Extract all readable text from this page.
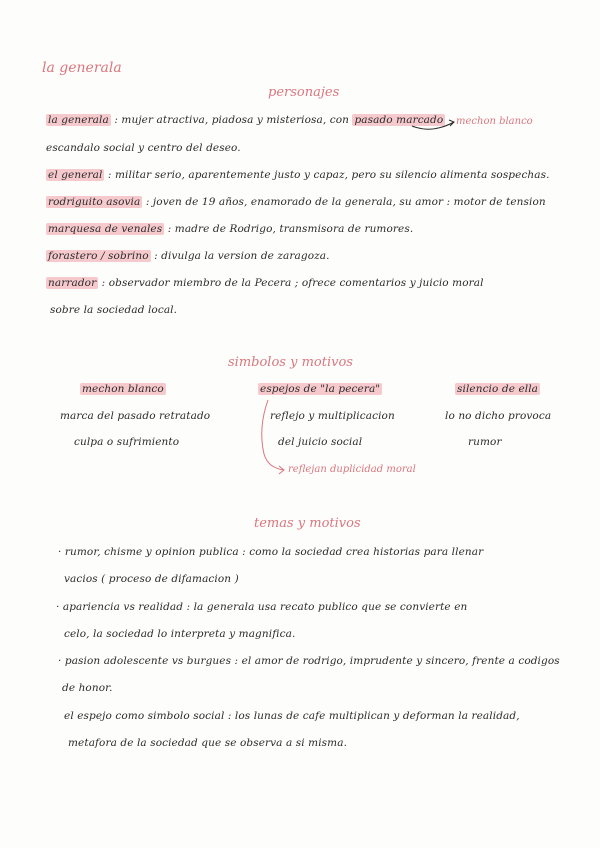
la generala
personajes
la generala : mujer atractiva, piadosa y misteriosa, con pasado marcado mechon blanco
escandalo social y centro del deseo.
el general : militar serio, aparentemente justo y capaz, pero su silencio alimenta sospechas.
rodriguito asovia : joven de 19 años, enamorado de la generala, su amor : motor de tension
marquesa de venales : madre de Rodrigo, transmisora de rumores.
forastero / sobrino : divulga la version de zaragoza.
narrador : observador miembro de la Pecera ; ofrece comentarios y juicio moral
sobre la sociedad local.
simbolos y motivos
mechon blanco
marca del pasado retratado
culpa o sufrimiento
espejos de "la pecera"
reflejo y multiplicacion
del juicio social
reflejan duplicidad moral
silencio de ella
lo no dicho provoca
rumor
temas y motivos
· rumor, chisme y opinion publica : como la sociedad crea historias para llenar
vacios ( proceso de difamacion )
· apariencia vs realidad : la generala usa recato publico que se convierte en
celo, la sociedad lo interpreta y magnifica.
· pasion adolescente vs burgues : el amor de rodrigo, imprudente y sincero, frente a codigos
de honor.
el espejo como simbolo social : los lunas de cafe multiplican y deforman la realidad,
metafora de la sociedad que se observa a si misma.
